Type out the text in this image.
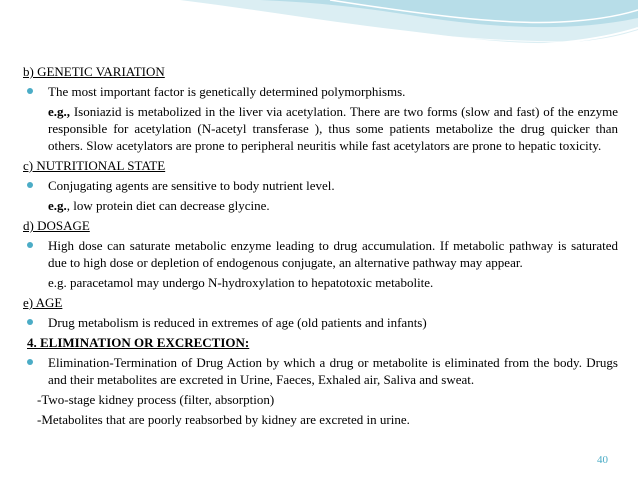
b) GENETIC VARIATION

The most important factor is genetically determined polymorphisms.

e.g., Isoniazid is metabolized in the liver via acetylation. There are two forms (slow and fast) of the enzyme responsible for acetylation (N-acetyl transferase ), thus some patients metabolize the drug quicker than others. Slow acetylators are prone to peripheral neuritis while fast acetylators are prone to hepatic toxicity.

c) NUTRITIONAL STATE

Conjugating agents are sensitive to body nutrient level.

e.g., low protein diet can decrease glycine.

d) DOSAGE

High dose can saturate metabolic enzyme leading to drug accumulation. If metabolic pathway is saturated due to high dose or depletion of endogenous conjugate, an alternative pathway may appear.

e.g. paracetamol may undergo N-hydroxylation to hepatotoxic metabolite.

e) AGE

Drug metabolism is reduced in extremes of age (old patients and infants)

4. ELIMINATION OR EXCRECTION:

Elimination-Termination of Drug Action by which a drug or metabolite is eliminated from the body. Drugs and their metabolites are excreted in Urine, Faeces, Exhaled air, Saliva and sweat.

-Two-stage kidney process (filter, absorption)

-Metabolites that are poorly reabsorbed by kidney are excreted in urine.

40
